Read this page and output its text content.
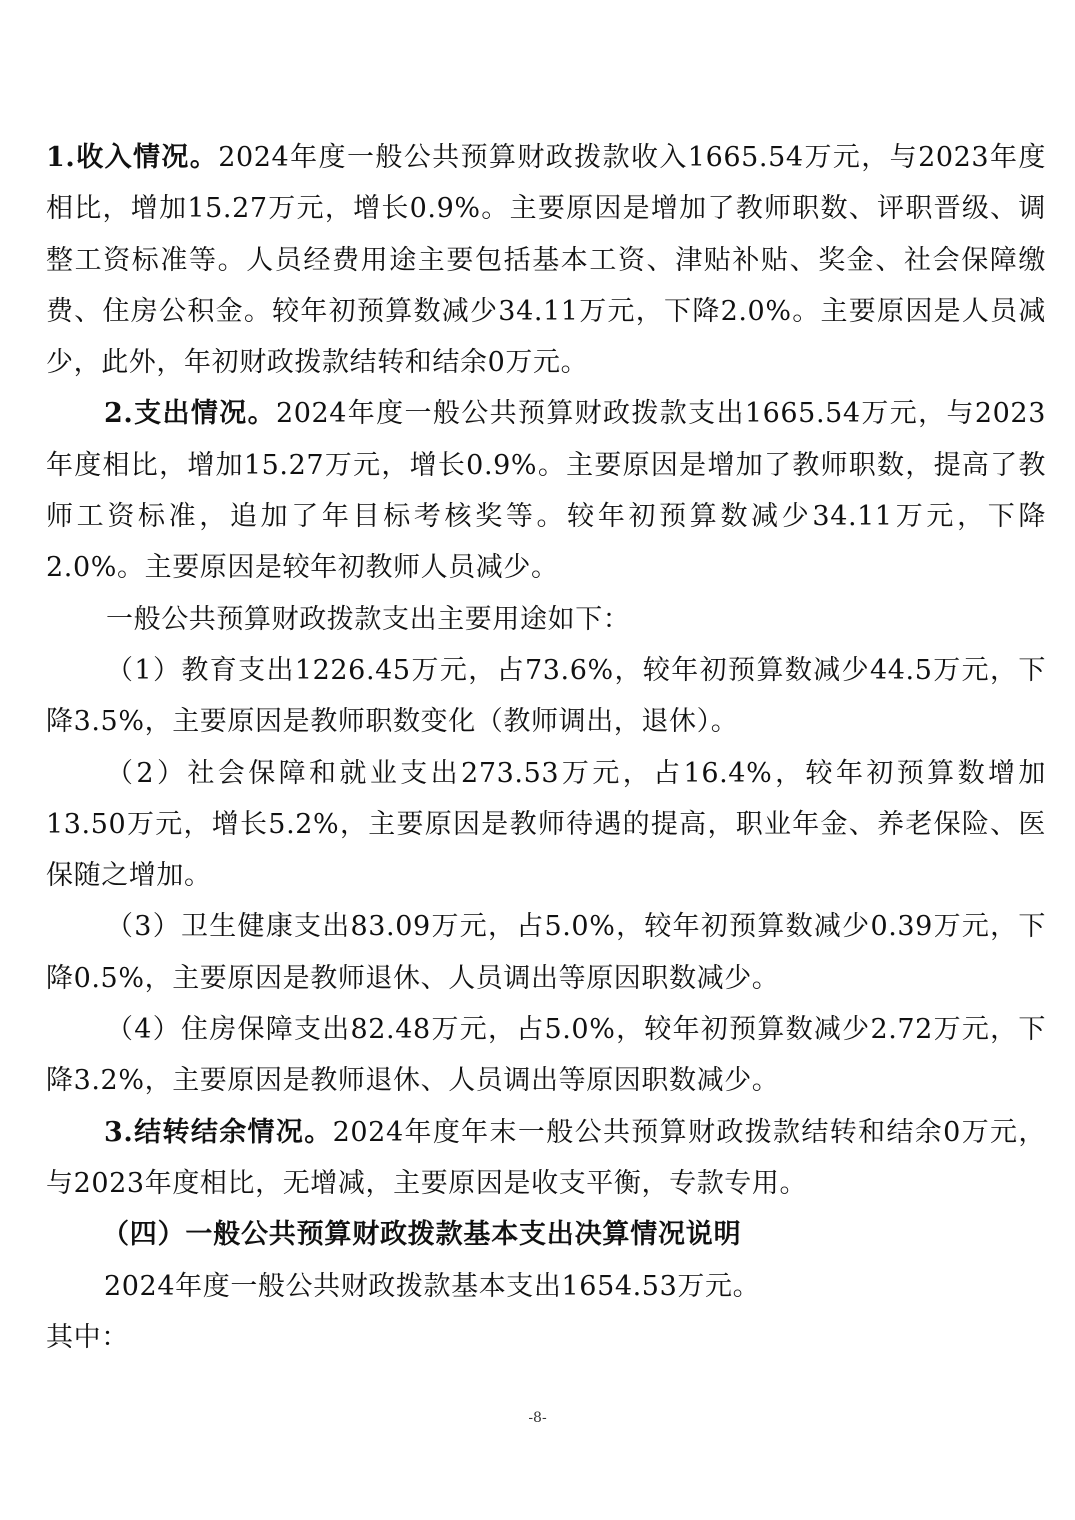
1.收入情况。2024年度一般公共预算财政拨款收入1665.54万元，与2023年度相比，增加15.27万元，增长0.9%。主要原因是增加了教师职数、评职晋级、调整工资标准等。人员经费用途主要包括基本工资、津贴补贴、奖金、社会保障缴费、住房公积金。较年初预算数减少34.11万元，下降2.0%。主要原因是人员减少，此外，年初财政拨款结转和结余0万元。

2.支出情况。2024年度一般公共预算财政拨款支出1665.54万元，与2023年度相比，增加15.27万元，增长0.9%。主要原因是增加了教师职数，提高了教师工资标准，追加了年目标考核奖等。较年初预算数减少34.11万元，下降2.0%。主要原因是较年初教师人员减少。

一般公共预算财政拨款支出主要用途如下：

（1）教育支出1226.45万元，占73.6%，较年初预算数减少44.5万元，下降3.5%，主要原因是教师职数变化（教师调出，退休）。

（2）社会保障和就业支出273.53万元，占16.4%，较年初预算数增加13.50万元，增长5.2%，主要原因是教师待遇的提高，职业年金、养老保险、医保随之增加。

（3）卫生健康支出83.09万元，占5.0%，较年初预算数减少0.39万元，下降0.5%，主要原因是教师退休、人员调出等原因职数减少。

（4）住房保障支出82.48万元，占5.0%，较年初预算数减少2.72万元，下降3.2%，主要原因是教师退休、人员调出等原因职数减少。

3.结转结余情况。2024年度年末一般公共预算财政拨款结转和结余0万元，与2023年度相比，无增减，主要原因是收支平衡，专款专用。

（四）一般公共预算财政拨款基本支出决算情况说明

2024年度一般公共财政拨款基本支出1654.53万元。

其中：

-8-
